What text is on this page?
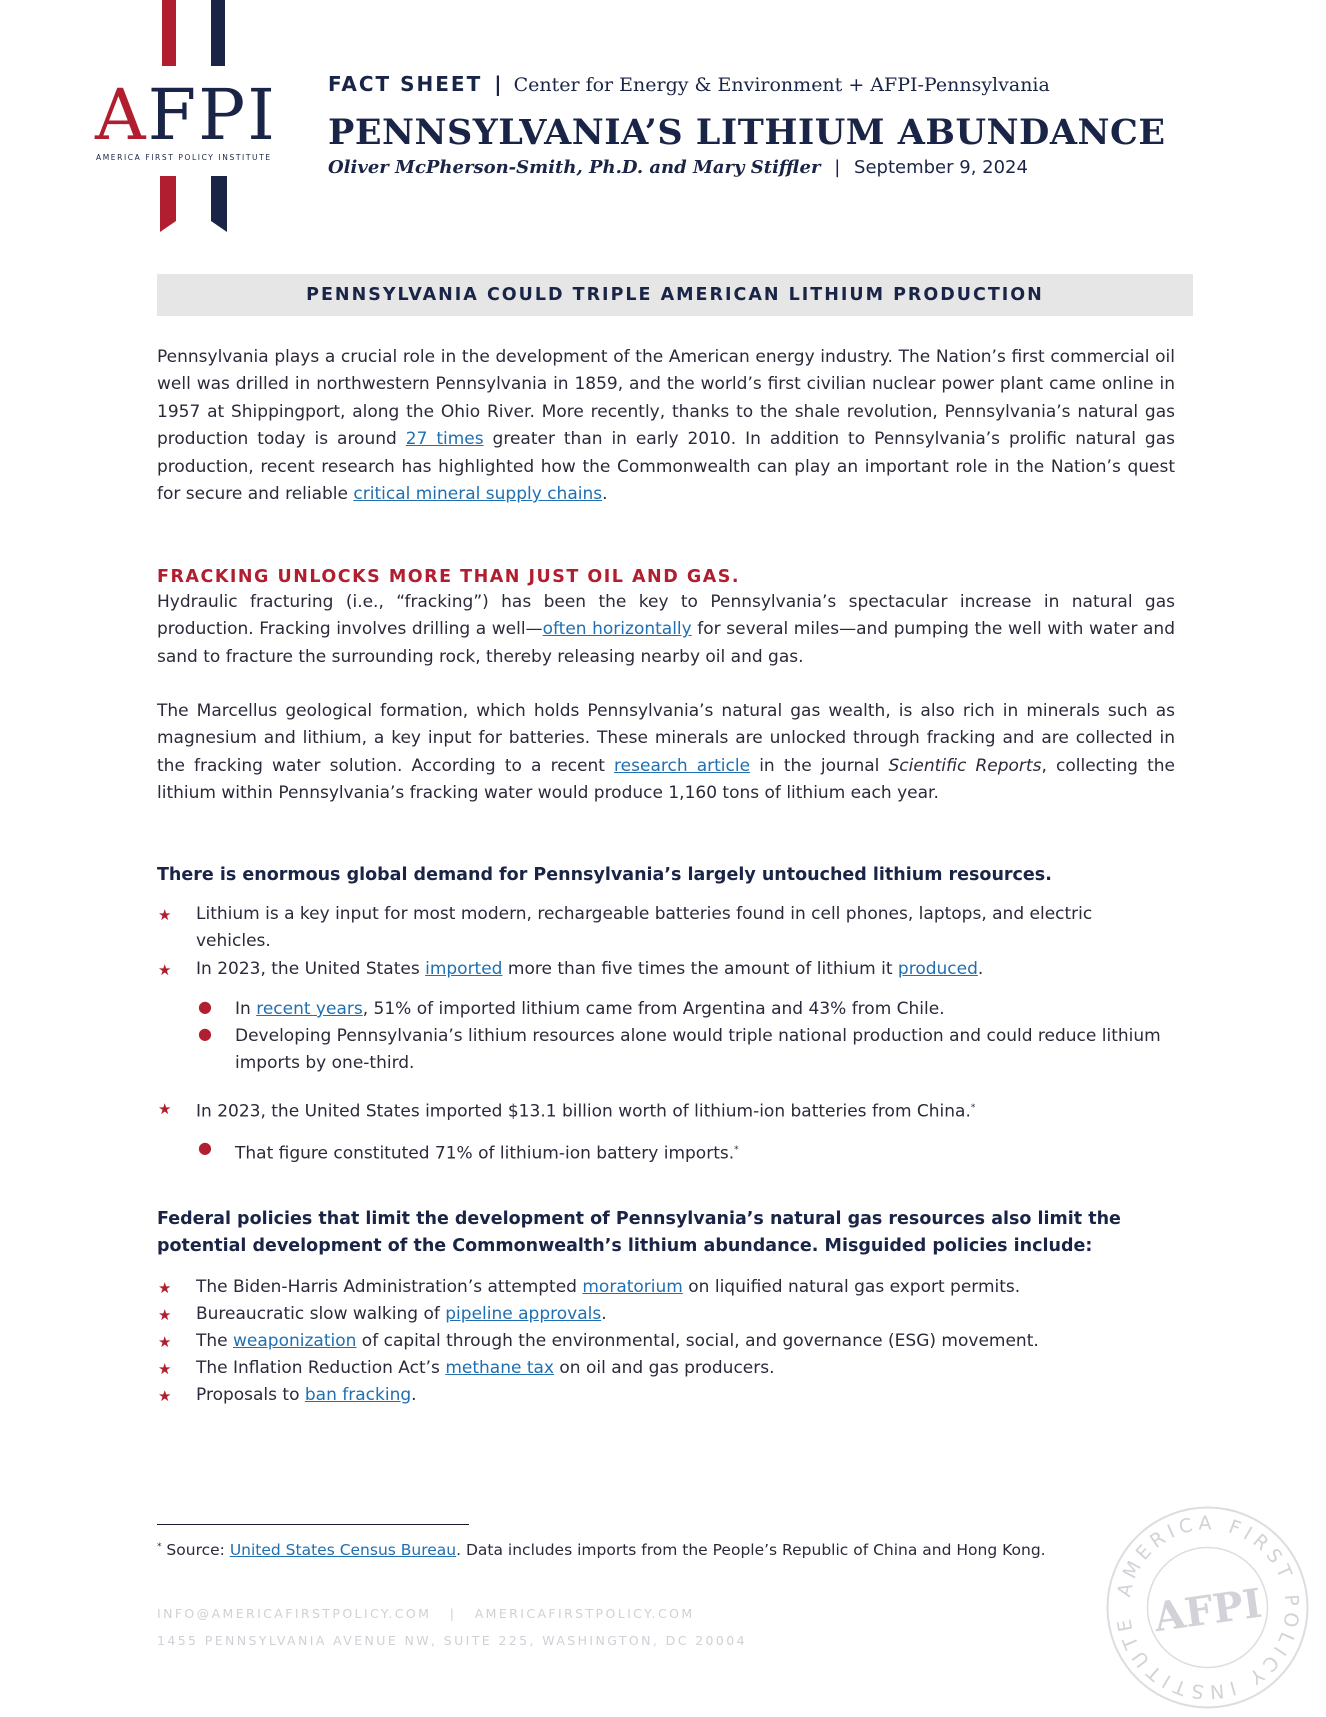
AFPI
AMERICA FIRST POLICY INSTITUTE
FACT SHEET | Center for Energy & Environment + AFPI-Pennsylvania
PENNSYLVANIA’S LITHIUM ABUNDANCE
Oliver McPherson-Smith, Ph.D. and Mary Stiffler | September 9, 2024
PENNSYLVANIA COULD TRIPLE AMERICAN LITHIUM PRODUCTION
Pennsylvania plays a crucial role in the development of the American energy industry. The Nation’s first commercial oil well was drilled in northwestern Pennsylvania in 1859, and the world’s first civilian nuclear power plant came online in 1957 at Shippingport, along the Ohio River. More recently, thanks to the shale revolution, Pennsylvania’s natural gas production today is around 27 times greater than in early 2010. In addition to Pennsylvania’s prolific natural gas production, recent research has highlighted how the Commonwealth can play an important role in the Nation’s quest for secure and reliable critical mineral supply chains.
FRACKING UNLOCKS MORE THAN JUST OIL AND GAS.
Hydraulic fracturing (i.e., “fracking”) has been the key to Pennsylvania’s spectacular increase in natural gas production. Fracking involves drilling a well—often horizontally for several miles—and pumping the well with water and sand to fracture the surrounding rock, thereby releasing nearby oil and gas.
The Marcellus geological formation, which holds Pennsylvania’s natural gas wealth, is also rich in minerals such as magnesium and lithium, a key input for batteries. These minerals are unlocked through fracking and are collected in the fracking water solution. According to a recent research article in the journal Scientific Reports, collecting the lithium within Pennsylvania’s fracking water would produce 1,160 tons of lithium each year.
There is enormous global demand for Pennsylvania’s largely untouched lithium resources.
★ Lithium is a key input for most modern, rechargeable batteries found in cell phones, laptops, and electric vehicles.
★ In 2023, the United States imported more than five times the amount of lithium it produced.
● In recent years, 51% of imported lithium came from Argentina and 43% from Chile.
● Developing Pennsylvania’s lithium resources alone would triple national production and could reduce lithium imports by one-third.
★ In 2023, the United States imported $13.1 billion worth of lithium-ion batteries from China.*
● That figure constituted 71% of lithium-ion battery imports.*
Federal policies that limit the development of Pennsylvania’s natural gas resources also limit the potential development of the Commonwealth’s lithium abundance. Misguided policies include:
★ The Biden-Harris Administration’s attempted moratorium on liquified natural gas export permits.
★ Bureaucratic slow walking of pipeline approvals.
★ The weaponization of capital through the environmental, social, and governance (ESG) movement.
★ The Inflation Reduction Act’s methane tax on oil and gas producers.
★ Proposals to ban fracking.
* Source: United States Census Bureau. Data includes imports from the People’s Republic of China and Hong Kong.
INFO@AMERICAFIRSTPOLICY.COM | AMERICAFIRSTPOLICY.COM
1455 PENNSYLVANIA AVENUE NW, SUITE 225, WASHINGTON, DC 20004
AMERICA FIRST POLICY INSTITUTE AFPI
